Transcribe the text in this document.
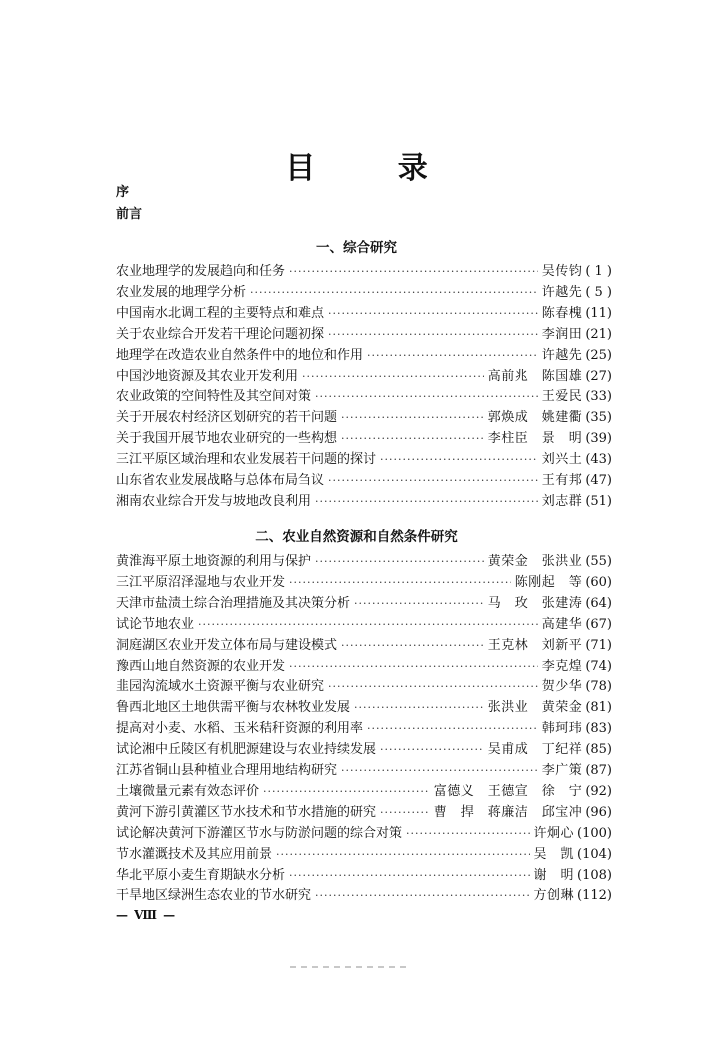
目 录
序
前言
一、综合研究
农业地理学的发展趋向和任务 ·····	吴传钧 ( 1 )
农业发展的地理学分析 ·····	许越先 ( 5 )
中国南水北调工程的主要特点和难点 ·····	陈春槐 (11)
关于农业综合开发若干理论问题初探 ·····	李润田 (21)
地理学在改造农业自然条件中的地位和作用 ·····	许越先 (25)
中国沙地资源及其农业开发利用 ·····	高前兆　陈国雄 (27)
农业政策的空间特性及其空间对策 ·····	王爱民 (33)
关于开展农村经济区划研究的若干问题 ·····	郭焕成　姚建衢 (35)
关于我国开展节地农业研究的一些构想 ·····	李柱臣　景　明 (39)
三江平原区域治理和农业发展若干问题的探讨 ·····	刘兴土 (43)
山东省农业发展战略与总体布局刍议 ·····	王有邦 (47)
湘南农业综合开发与坡地改良利用 ·····	刘志群 (51)
二、农业自然资源和自然条件研究
黄淮海平原土地资源的利用与保护 ·····	黄荣金　张洪业 (55)
三江平原沼泽湿地与农业开发 ·····	陈刚起　等 (60)
天津市盐渍土综合治理措施及其决策分析 ·····	马　玫　张建涛 (64)
试论节地农业 ·····	高建华 (67)
洞庭湖区农业开发立体布局与建设模式 ·····	王克林　刘新平 (71)
豫西山地自然资源的农业开发 ·····	李克煌 (74)
韭园沟流域水土资源平衡与农业研究 ·····	贺少华 (78)
鲁西北地区土地供需平衡与农林牧业发展 ·····	张洪业　黄荣金 (81)
提高对小麦、水稻、玉米秸秆资源的利用率 ·····	韩珂玮 (83)
试论湘中丘陵区有机肥源建设与农业持续发展 ·····	吴甫成　丁纪祥 (85)
江苏省铜山县种植业合理用地结构研究 ·····	李广策 (87)
土壤微量元素有效态评价 ·····	富德义　王德宣　徐　宁 (92)
黄河下游引黄灌区节水技术和节水措施的研究 ·····	曹　捍　蒋廉洁　邱宝冲 (96)
试论解决黄河下游灌区节水与防淤问题的综合对策 ·····	许炯心 (100)
节水灌溉技术及其应用前景 ·····	吴　凯 (104)
华北平原小麦生育期缺水分析 ·····	谢　明 (108)
干旱地区绿洲生态农业的节水研究 ·····	方创琳 (112)
— Ⅷ —
